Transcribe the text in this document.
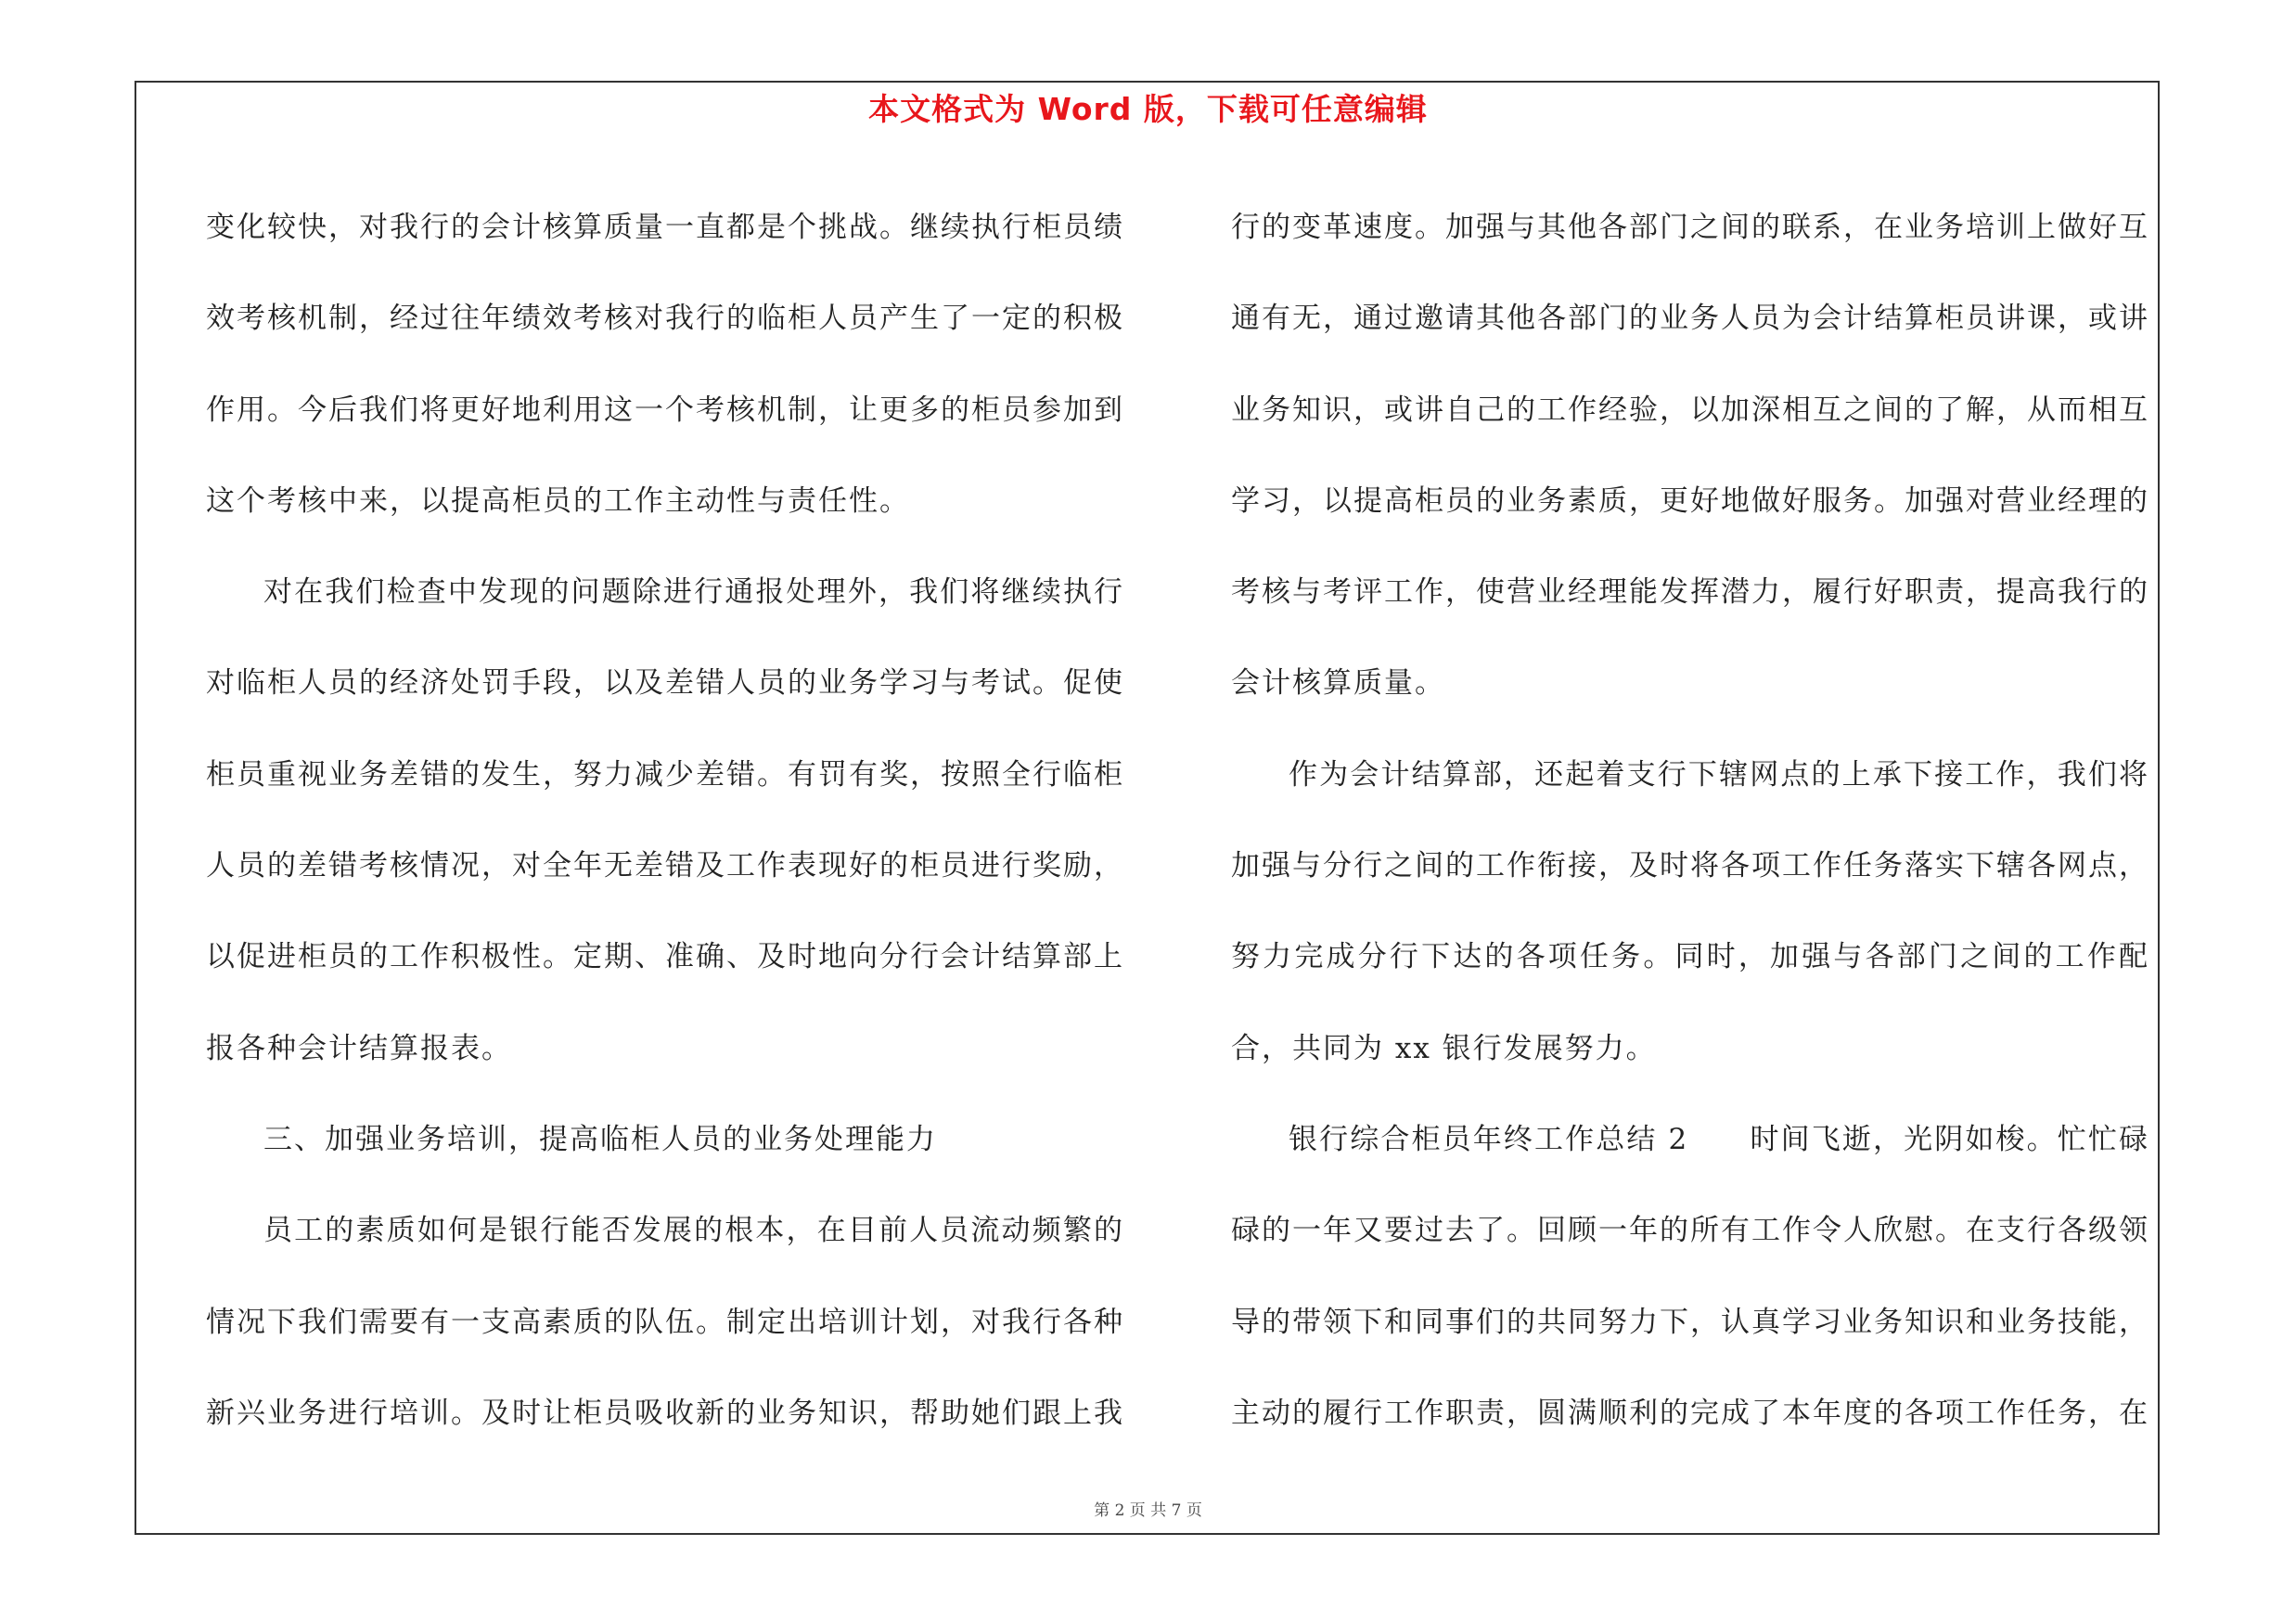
本文格式为 Word 版，下载可任意编辑

变化较快，对我行的会计核算质量一直都是个挑战。继续执行柜员绩效考核机制，经过往年绩效考核对我行的临柜人员产生了一定的积极作用。今后我们将更好地利用这一个考核机制，让更多的柜员参加到这个考核中来，以提高柜员的工作主动性与责任性。

对在我们检查中发现的问题除进行通报处理外，我们将继续执行对临柜人员的经济处罚手段，以及差错人员的业务学习与考试。促使柜员重视业务差错的发生，努力减少差错。有罚有奖，按照全行临柜人员的差错考核情况，对全年无差错及工作表现好的柜员进行奖励，以促进柜员的工作积极性。定期、准确、及时地向分行会计结算部上报各种会计结算报表。

三、加强业务培训，提高临柜人员的业务处理能力

员工的素质如何是银行能否发展的根本，在目前人员流动频繁的情况下我们需要有一支高素质的队伍。制定出培训计划，对我行各种新兴业务进行培训。及时让柜员吸收新的业务知识，帮助她们跟上我

行的变革速度。加强与其他各部门之间的联系，在业务培训上做好互通有无，通过邀请其他各部门的业务人员为会计结算柜员讲课，或讲业务知识，或讲自己的工作经验，以加深相互之间的了解，从而相互学习，以提高柜员的业务素质，更好地做好服务。加强对营业经理的考核与考评工作，使营业经理能发挥潜力，履行好职责，提高我行的会计核算质量。

作为会计结算部，还起着支行下辖网点的上承下接工作，我们将加强与分行之间的工作衔接，及时将各项工作任务落实下辖各网点，努力完成分行下达的各项任务。同时，加强与各部门之间的工作配合，共同为 xx 银行发展努力。

银行综合柜员年终工作总结 2　　时间飞逝，光阴如梭。忙忙碌碌的一年又要过去了。回顾一年的所有工作令人欣慰。在支行各级领导的带领下和同事们的共同努力下，认真学习业务知识和业务技能，主动的履行工作职责，圆满顺利的完成了本年度的各项工作任务，在

第 2 页 共 7 页
